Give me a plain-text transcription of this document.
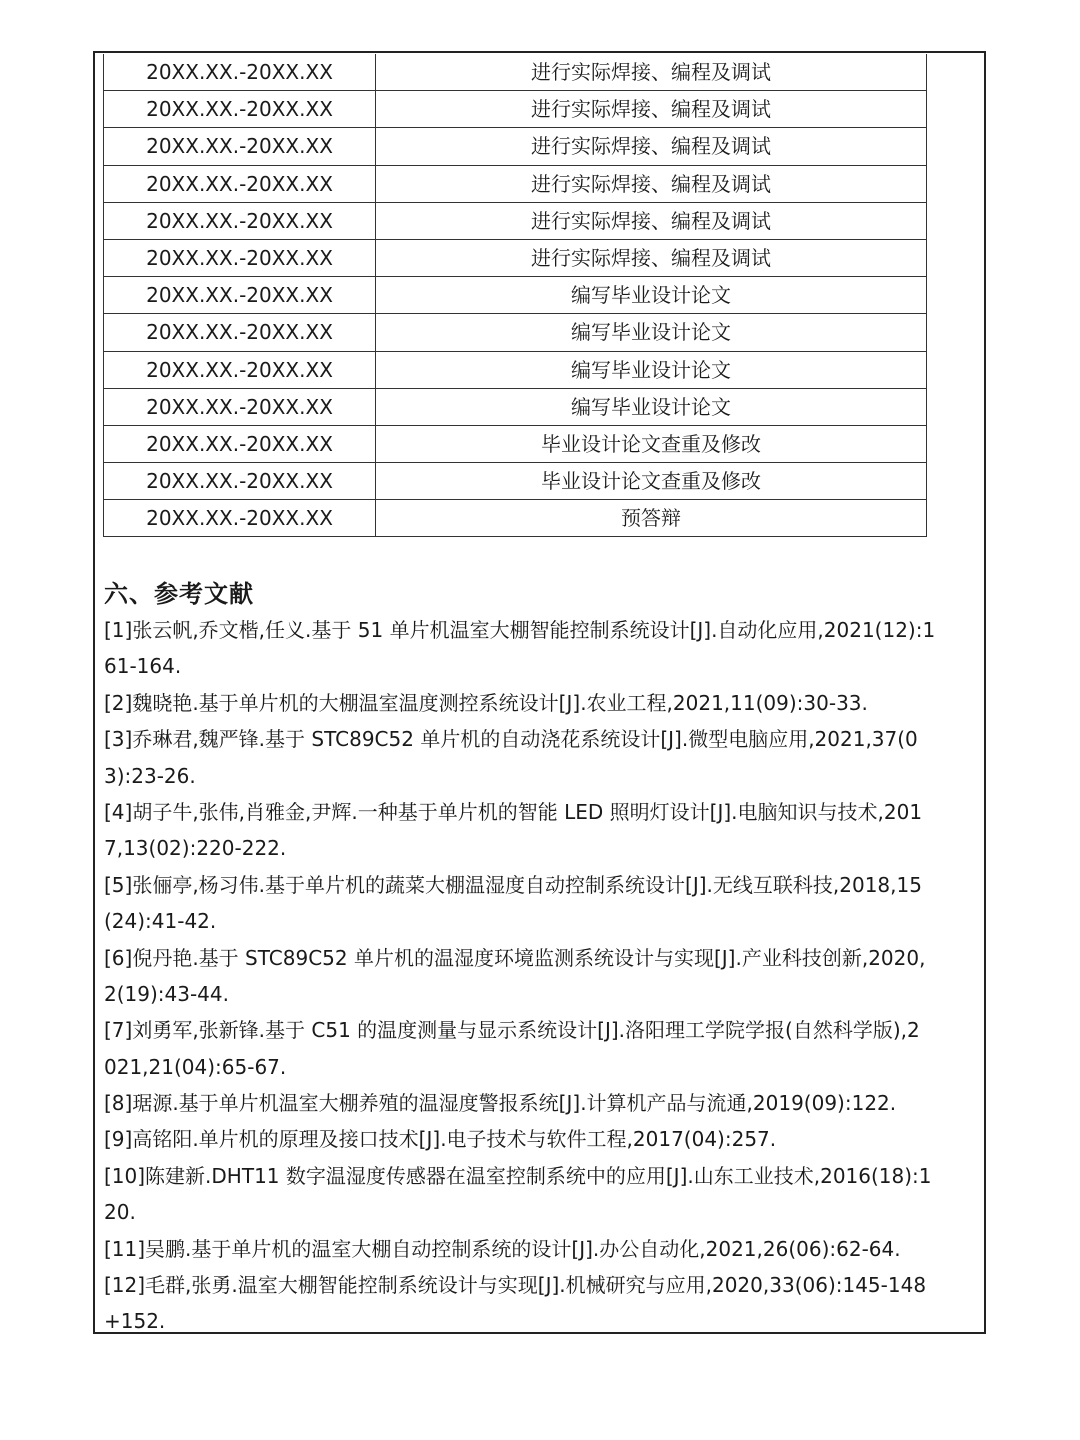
20XX.XX.-20XX.XX	进行实际焊接、编程及调试
20XX.XX.-20XX.XX	进行实际焊接、编程及调试
20XX.XX.-20XX.XX	进行实际焊接、编程及调试
20XX.XX.-20XX.XX	进行实际焊接、编程及调试
20XX.XX.-20XX.XX	进行实际焊接、编程及调试
20XX.XX.-20XX.XX	进行实际焊接、编程及调试
20XX.XX.-20XX.XX	编写毕业设计论文
20XX.XX.-20XX.XX	编写毕业设计论文
20XX.XX.-20XX.XX	编写毕业设计论文
20XX.XX.-20XX.XX	编写毕业设计论文
20XX.XX.-20XX.XX	毕业设计论文查重及修改
20XX.XX.-20XX.XX	毕业设计论文查重及修改
20XX.XX.-20XX.XX	预答辩
六、参考文献
[1]张云帆,乔文楷,任义.基于 51 单片机温室大棚智能控制系统设计[J].自动化应用,2021(12):1
61-164.
[2]魏晓艳.基于单片机的大棚温室温度测控系统设计[J].农业工程,2021,11(09):30-33.
[3]乔琳君,魏严锋.基于 STC89C52 单片机的自动浇花系统设计[J].微型电脑应用,2021,37(0
3):23-26.
[4]胡子牛,张伟,肖雅金,尹辉.一种基于单片机的智能 LED 照明灯设计[J].电脑知识与技术,201
7,13(02):220-222.
[5]张俪亭,杨习伟.基于单片机的蔬菜大棚温湿度自动控制系统设计[J].无线互联科技,2018,15
(24):41-42.
[6]倪丹艳.基于 STC89C52 单片机的温湿度环境监测系统设计与实现[J].产业科技创新,2020,
2(19):43-44.
[7]刘勇军,张新锋.基于 C51 的温度测量与显示系统设计[J].洛阳理工学院学报(自然科学版),2
021,21(04):65-67.
[8]琚源.基于单片机温室大棚养殖的温湿度警报系统[J].计算机产品与流通,2019(09):122.
[9]高铭阳.单片机的原理及接口技术[J].电子技术与软件工程,2017(04):257.
[10]陈建新.DHT11 数字温湿度传感器在温室控制系统中的应用[J].山东工业技术,2016(18):1
20.
[11]吴鹏.基于单片机的温室大棚自动控制系统的设计[J].办公自动化,2021,26(06):62-64.
[12]毛群,张勇.温室大棚智能控制系统设计与实现[J].机械研究与应用,2020,33(06):145-148
+152.
